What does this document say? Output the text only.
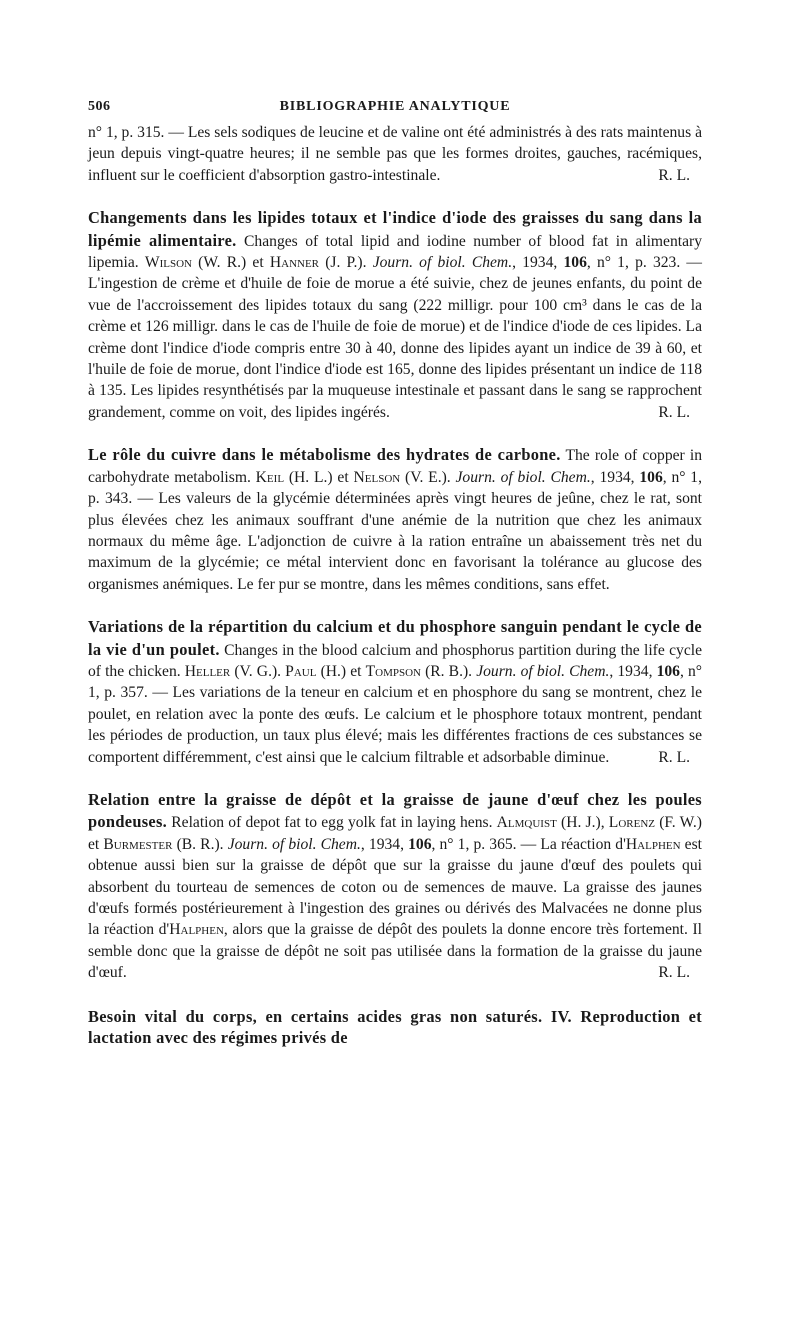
506	BIBLIOGRAPHIE ANALYTIQUE

n° 1, p. 315. — Les sels sodiques de leucine et de valine ont été administrés à des rats maintenus à jeun depuis vingt-quatre heures; il ne semble pas que les formes droites, gauches, racémiques, influent sur le coefficient d'absorption gastro-intestinale.	R. L.

Changements dans les lipides totaux et l'indice d'iode des graisses du sang dans la lipémie alimentaire. Changes of total lipid and iodine number of blood fat in alimentary lipemia. Wilson (W. R.) et Hanner (J. P.). Journ. of biol. Chem., 1934, 106, n° 1, p. 323. — L'ingestion de crème et d'huile de foie de morue a été suivie, chez de jeunes enfants, du point de vue de l'accroissement des lipides totaux du sang (222 milligr. pour 100 cm³ dans le cas de la crème et 126 milligr. dans le cas de l'huile de foie de morue) et de l'indice d'iode de ces lipides. La crème dont l'indice d'iode compris entre 30 à 40, donne des lipides ayant un indice de 39 à 60, et l'huile de foie de morue, dont l'indice d'iode est 165, donne des lipides présentant un indice de 118 à 135. Les lipides resynthétisés par la muqueuse intestinale et passant dans le sang se rapprochent grandement, comme on voit, des lipides ingérés.	R. L.

Le rôle du cuivre dans le métabolisme des hydrates de carbone. The role of copper in carbohydrate metabolism. Keil (H. L.) et Nelson (V. E.). Journ. of biol. Chem., 1934, 106, n° 1, p. 343. — Les valeurs de la glycémie déterminées après vingt heures de jeûne, chez le rat, sont plus élevées chez les animaux souffrant d'une anémie de la nutrition que chez les animaux normaux du même âge. L'adjonction de cuivre à la ration entraîne un abaissement très net du maximum de la glycémie; ce métal intervient donc en favorisant la tolérance au glucose des organismes anémiques. Le fer pur se montre, dans les mêmes conditions, sans effet.

Variations de la répartition du calcium et du phosphore sanguin pendant le cycle de la vie d'un poulet. Changes in the blood calcium and phosphorus partition during the life cycle of the chicken. Heller (V. G.). Paul (H.) et Tompson (R. B.). Journ. of biol. Chem., 1934, 106, n° 1, p. 357. — Les variations de la teneur en calcium et en phosphore du sang se montrent, chez le poulet, en relation avec la ponte des œufs. Le calcium et le phosphore totaux montrent, pendant les périodes de production, un taux plus élevé; mais les différentes fractions de ces substances se comportent différemment, c'est ainsi que le calcium filtrable et adsorbable diminue.	R. L.

Relation entre la graisse de dépôt et la graisse de jaune d'œuf chez les poules pondeuses. Relation of depot fat to egg yolk fat in laying hens. Almquist (H. J.), Lorenz (F. W.) et Burmester (B. R.). Journ. of biol. Chem., 1934, 106, n° 1, p. 365. — La réaction d'Halphen est obtenue aussi bien sur la graisse de dépôt que sur la graisse du jaune d'œuf des poulets qui absorbent du tourteau de semences de coton ou de semences de mauve. La graisse des jaunes d'œufs formés postérieurement à l'ingestion des graines ou dérivés des Malvacées ne donne plus la réaction d'Halphen, alors que la graisse de dépôt des poulets la donne encore très fortement. Il semble donc que la graisse de dépôt ne soit pas utilisée dans la formation de la graisse du jaune d'œuf.	R. L.

Besoin vital du corps, en certains acides gras non saturés. IV. Reproduction et lactation avec des régimes privés de
